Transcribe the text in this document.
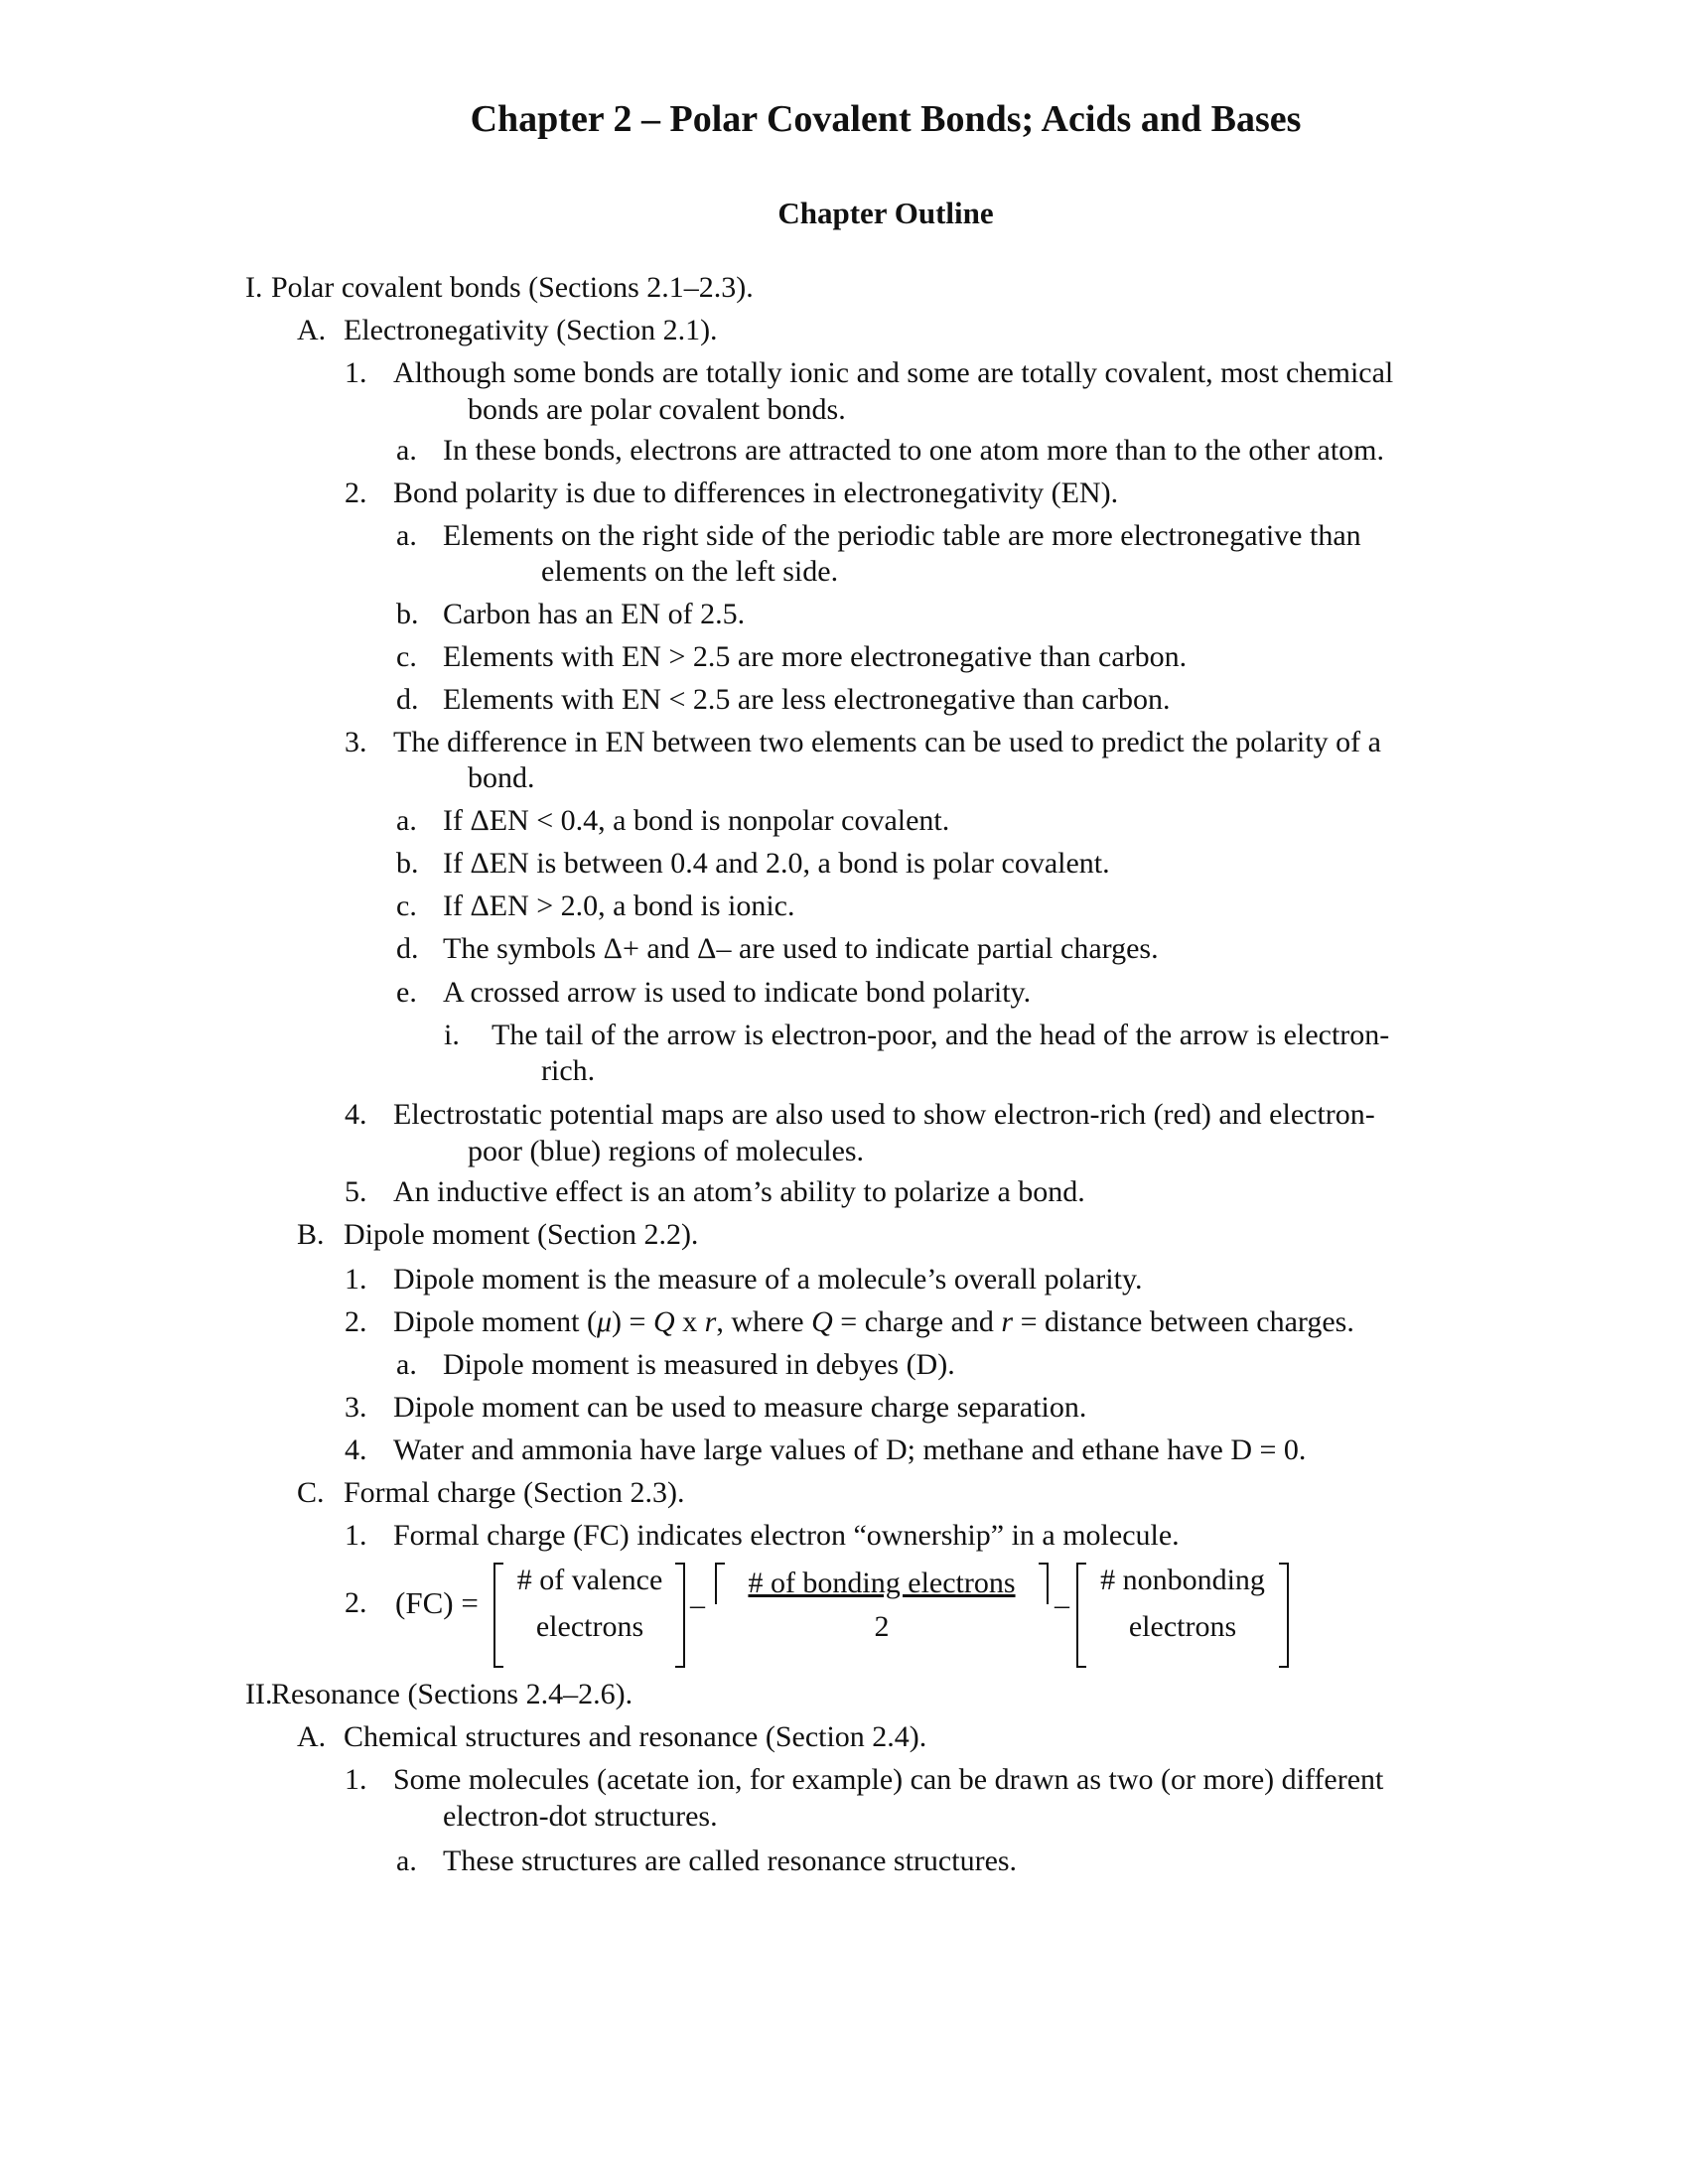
Chapter 2 – Polar Covalent Bonds; Acids and Bases
Chapter Outline
I. Polar covalent bonds (Sections 2.1–2.3).
A. Electronegativity (Section 2.1).
1. Although some bonds are totally ionic and some are totally covalent, most chemical
bonds are polar covalent bonds.
a. In these bonds, electrons are attracted to one atom more than to the other atom.
2. Bond polarity is due to differences in electronegativity (EN).
a. Elements on the right side of the periodic table are more electronegative than
elements on the left side.
b. Carbon has an EN of 2.5.
c. Elements with EN > 2.5 are more electronegative than carbon.
d. Elements with EN < 2.5 are less electronegative than carbon.
3. The difference in EN between two elements can be used to predict the polarity of a
bond.
a. If ΔEN < 0.4, a bond is nonpolar covalent.
b. If ΔEN is between 0.4 and 2.0, a bond is polar covalent.
c. If ΔEN > 2.0, a bond is ionic.
d. The symbols Δ+ and Δ– are used to indicate partial charges.
e. A crossed arrow is used to indicate bond polarity.
i. The tail of the arrow is electron-poor, and the head of the arrow is electron-
rich.
4. Electrostatic potential maps are also used to show electron-rich (red) and electron-
poor (blue) regions of molecules.
5. An inductive effect is an atom’s ability to polarize a bond.
B. Dipole moment (Section 2.2).
1. Dipole moment is the measure of a molecule’s overall polarity.
2. Dipole moment (μ) = Q x r, where Q = charge and r = distance between charges.
a. Dipole moment is measured in debyes (D).
3. Dipole moment can be used to measure charge separation.
4. Water and ammonia have large values of D; methane and ethane have D = 0.
C. Formal charge (Section 2.3).
1. Formal charge (FC) indicates electron “ownership” in a molecule.
II.
Resonance (Sections 2.4–2.6).
A. Chemical structures and resonance (Section 2.4).
1. Some molecules (acetate ion, for example) can be drawn as two (or more) different
electron-dot structures.
a. These structures are called resonance structures.
2. (FC) =
# of valence
electrons
–
# of bonding electrons
2
–
# nonbonding
electrons
